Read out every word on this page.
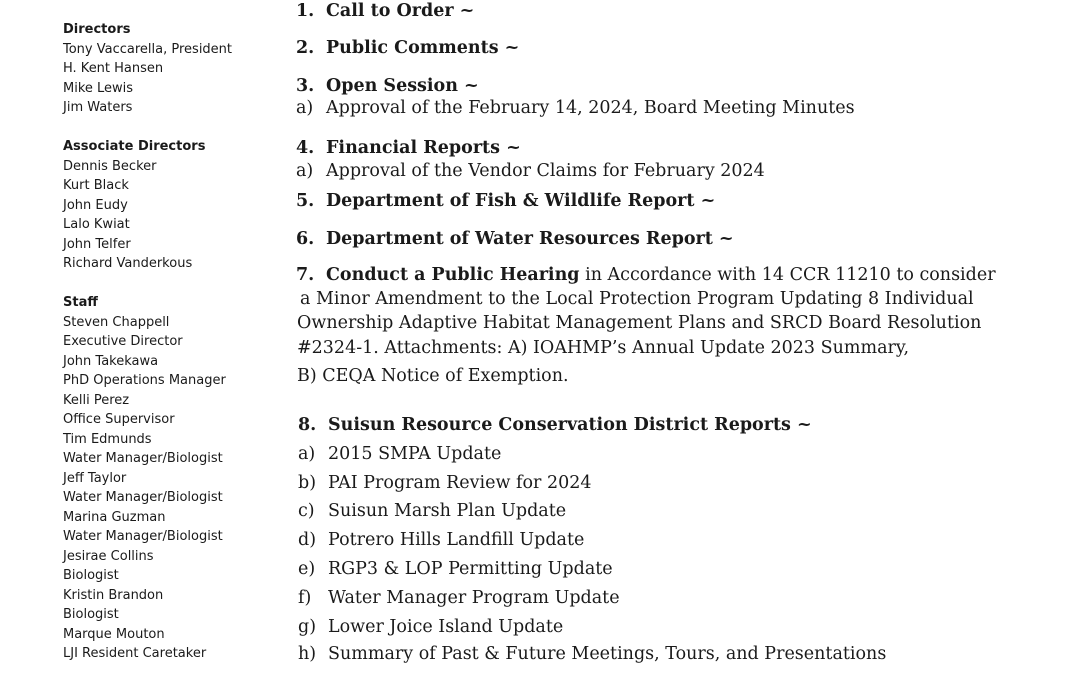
Directors

Tony Vaccarella, President

H. Kent Hansen

Mike Lewis

Jim Waters

Associate Directors

Dennis Becker

Kurt Black

John Eudy

Lalo Kwiat

John Telfer

Richard Vanderkous

Staff

Steven Chappell

Executive Director

John Takekawa

PhD Operations Manager

Kelli Perez

Office Supervisor

Tim Edmunds

Water Manager/Biologist

Jeff Taylor

Water Manager/Biologist

Marina Guzman

Water Manager/Biologist

Jesirae Collins

Biologist

Kristin Brandon

Biologist

Marque Mouton

LJI Resident Caretaker

1. Call to Order ~
2. Public Comments ~
3. Open Session ~
a) Approval of the February 14, 2024, Board Meeting Minutes
4. Financial Reports ~
a) Approval of the Vendor Claims for February 2024
5. Department of Fish & Wildlife Report ~
6. Department of Water Resources Report ~
7. Conduct a Public Hearing in Accordance with 14 CCR 11210 to consider
a Minor Amendment to the Local Protection Program Updating 8 Individual
Ownership Adaptive Habitat Management Plans and SRCD Board Resolution
#2324-1. Attachments: A) IOAHMP’s Annual Update 2023 Summary,
B) CEQA Notice of Exemption.
8. Suisun Resource Conservation District Reports ~
a) 2015 SMPA Update
b) PAI Program Review for 2024
c) Suisun Marsh Plan Update
d) Potrero Hills Landfill Update
e) RGP3 & LOP Permitting Update
f) Water Manager Program Update
g) Lower Joice Island Update
h) Summary of Past & Future Meetings, Tours, and Presentations
